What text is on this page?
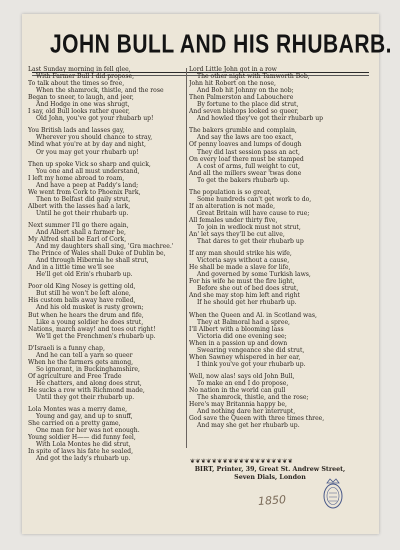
JOHN BULL AND HIS RHUBARB.
Last Sunday morning in fell glee,
With Farmer Bull I did propose,
To talk about the times so free,
When the shamrock, thistle, and the rose
Began to sneer, to laugh, and jeer,
And Hodge in one was shrugt,
I say, old Bull looks rather queer,
Old John, you've got your rhubarb up!
You British lads and lasses gay,
Wherever you should chance to stray,
Mind what you're at by day and night,
Or you may get your rhubarb up!
Then up spoke Vick so sharp and quick,
You one and all must understand,
I left my home abroad to roam,
And have a peep at Paddy's land;
We went from Cork to Phoenix Park,
Then to Belfast did gaily strut,
Albert with the lasses had a lark,
Until he got their rhubarb up.
Next summer I'll go there again,
And Albert shall a farmer be,
My Alfred shall be Earl of Cork,
And my daughters shall sing, 'Gra machree.'
The Prince of Wales shall Duke of Dublin be,
And through Hibernia he shall strut,
And in a little time we'll see
He'll get old Erin's rhubarb up.
Poor old King Nosey is getting old,
But still he won't be left alone,
His custom balls away have rolled,
And his old musket is rusty grown;
But when he hears the drum and fife,
Like a young soldier he does strut,
Nations, march away! and toes out right!
We'll get the Frenchmen's rhubarb up.
D'Israeli is a funny chap,
And he can tell a yarn so queer
When he the farmers gets among,
So ignorant, in Buckinghamshire,
Of agriculture and Free Trade
He chatters, and along does strut,
He sucks a row with Richmond made,
Until they got their rhubarb up.
Lola Montes was a merry dame,
Young and gay, and up to snuff,
She carried on a pretty game,
One man for her was not enough.
Young soldier H—— did funny feel,
With Lola Montes he did strut,
In spite of laws his fate he sealed,
And got the lady's rhubarb up.
Lord Little John got in a row
The other night with Tamworth Bob,
John hit Robert on the nose,
And Bob hit Johnny on the nob;
Then Palmerston and Labouchere
By fortune to the place did strut,
And seven bishops looked so queer,
And howled they've got their rhubarb up
The bakers grumble and complain,
And say the laws are too exact,
Of penny loaves and lumps of dough
They did last session pass an act,
On every loaf there must be stamped
A cost of arms, full weight to cut,
And all the millers swear 'twas done
To get the bakers rhubarb up.
The population is so great,
Some hundreds can't get work to do,
If an alteration is not made,
Great Britain will have cause to rue;
All females under thirty five,
To join in wedlock must not strut,
An' let says they'll be cut alive,
That dares to get their rhubarb up
If any man should strike his wife,
Victoria says without a cause,
He shall be made a slave for life,
And governed by some Turkish laws,
For his wife he must the fire light,
Before she out of bed does strut,
And she may stop him left and right
If he should get her rhubarb up.
When the Queen and Al. in Scotland was,
They at Balmoral had a spree,
I'll Albert with a blooming lass
Victoria did one evening see;
When in a passion up and down
Swearing vengeance she did strut,
When Sawney whispered in her ear,
I think you've got your rhubarb up.
Well, now alas! says old John Bull,
To make an end I do propose,
No nation in the world can gull
The shamrock, thistle, and the rose;
Here's may Britannia happy be,
And nothing dare her interrupt,
God save the Queen with three times three,
And may she get her rhubarb up.
❦❦❦❦❦❦❦❦❦❦❦❦❦❦❦❦❦❦❦
BIRT, Printer, 39, Great St. Andrew Street,
Seven Dials, London
1850
